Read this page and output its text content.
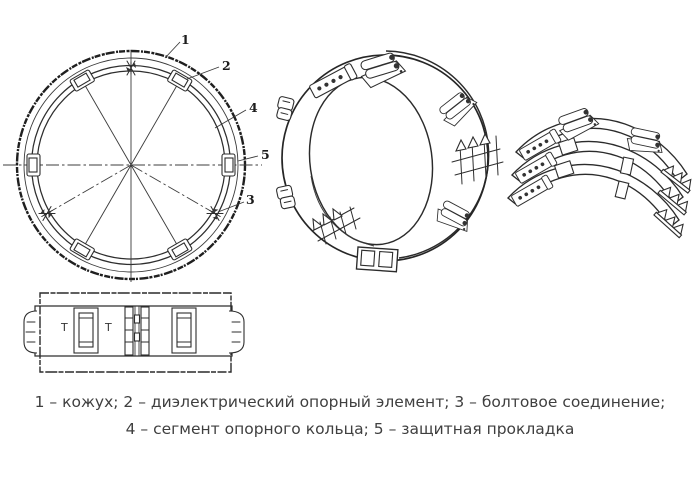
1
2
4
5
3
Т	Т
1 – кожух; 2 – диэлектрический опорный элемент; 3 – болтовое соединение;
4 – сегмент опорного кольца; 5 – защитная прокладка
